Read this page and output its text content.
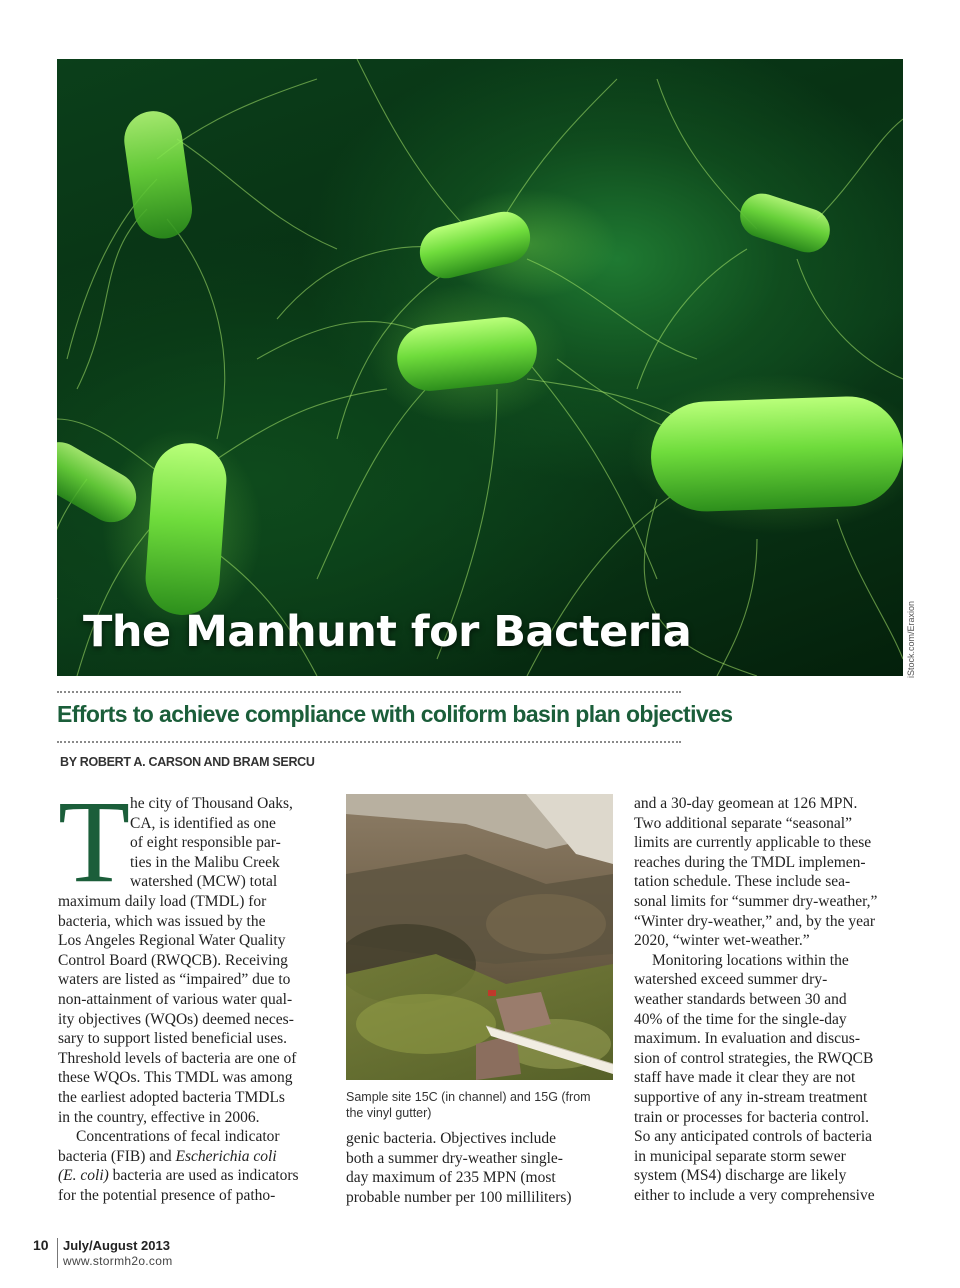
The Manhunt for Bacteria	iStock.com/Eraxion
Efforts to achieve compliance with coliform basin plan objectives
BY ROBERT A. CARSON AND BRAM SERCU
T he city of Thousand Oaks,
CA, is identified as one
of eight responsible par-
ties in the Malibu Creek
watershed (MCW) total
maximum daily load (TMDL) for
bacteria, which was issued by the
Los Angeles Regional Water Quality
Control Board (RWQCB). Receiving
waters are listed as “impaired” due to
non-attainment of various water qual-
ity objectives (WQOs) deemed neces-
sary to support listed beneficial uses.
Threshold levels of bacteria are one of
these WQOs. This TMDL was among
the earliest adopted bacteria TMDLs
in the country, effective in 2006.
Concentrations of fecal indicator
bacteria (FIB) and Escherichia coli
(E. coli) bacteria are used as indicators
for the potential presence of patho-
Sample site 15C (in channel) and 15G (from
the vinyl gutter)
genic bacteria. Objectives include
both a summer dry-weather single-
day maximum of 235 MPN (most
probable number per 100 milliliters)
and a 30-day geomean at 126 MPN.
Two additional separate “seasonal”
limits are currently applicable to these
reaches during the TMDL implemen-
tation schedule. These include sea-
sonal limits for “summer dry-weather,”
“Winter dry-weather,” and, by the year
2020, “winter wet-weather.”
Monitoring locations within the
watershed exceed summer dry-
weather standards between 30 and
40% of the time for the single-day
maximum. In evaluation and discus-
sion of control strategies, the RWQCB
staff have made it clear they are not
supportive of any in-stream treatment
train or processes for bacteria control.
So any anticipated controls of bacteria
in municipal separate storm sewer
system (MS4) discharge are likely
either to include a very comprehensive
10 July/August 2013
www.stormh2o.com
